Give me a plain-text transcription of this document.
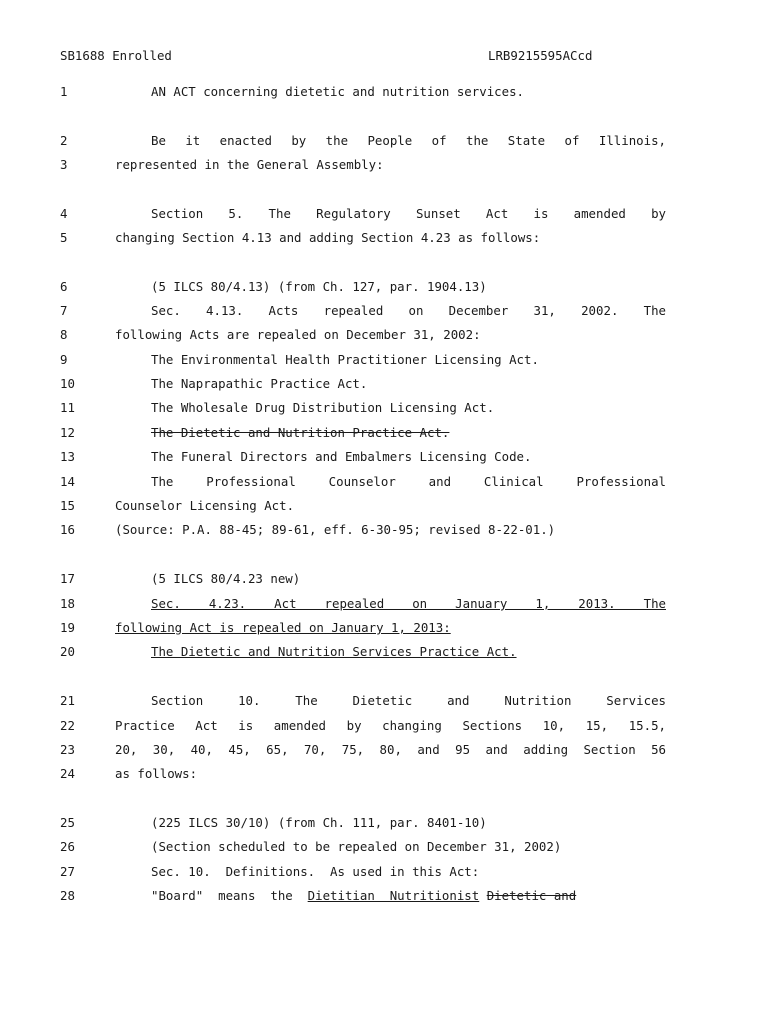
SB1688 Enrolled	LRB9215595ACcd
1	AN ACT concerning dietetic and nutrition services.
2	Be it enacted by the People of the State of Illinois,
3	represented in the General Assembly:
4	Section 5. The Regulatory Sunset Act is amended by
5	changing Section 4.13 and adding Section 4.23 as follows:
6	(5 ILCS 80/4.13) (from Ch. 127, par. 1904.13)
7	Sec. 4.13. Acts repealed on December 31, 2002. The
8	following Acts are repealed on December 31, 2002:
9	The Environmental Health Practitioner Licensing Act.
10	The Naprapathic Practice Act.
11	The Wholesale Drug Distribution Licensing Act.
12	The Dietetic and Nutrition Practice Act.
13	The Funeral Directors and Embalmers Licensing Code.
14	The Professional Counselor and Clinical Professional
15	Counselor Licensing Act.
16	(Source: P.A. 88-45; 89-61, eff. 6-30-95; revised 8-22-01.)
17	(5 ILCS 80/4.23 new)
18	Sec. 4.23. Act repealed on January 1, 2013. The
19	following Act is repealed on January 1, 2013:
20	The Dietetic and Nutrition Services Practice Act.
21	Section 10. The Dietetic and Nutrition Services
22	Practice Act is amended by changing Sections 10, 15, 15.5,
23	20, 30, 40, 45, 65, 70, 75, 80, and 95 and adding Section 56
24	as follows:
25	(225 ILCS 30/10) (from Ch. 111, par. 8401-10)
26	(Section scheduled to be repealed on December 31, 2002)
27	Sec. 10.  Definitions.  As used in this Act:
28	"Board"  means  the  Dietitian  Nutritionist Dietetic and
